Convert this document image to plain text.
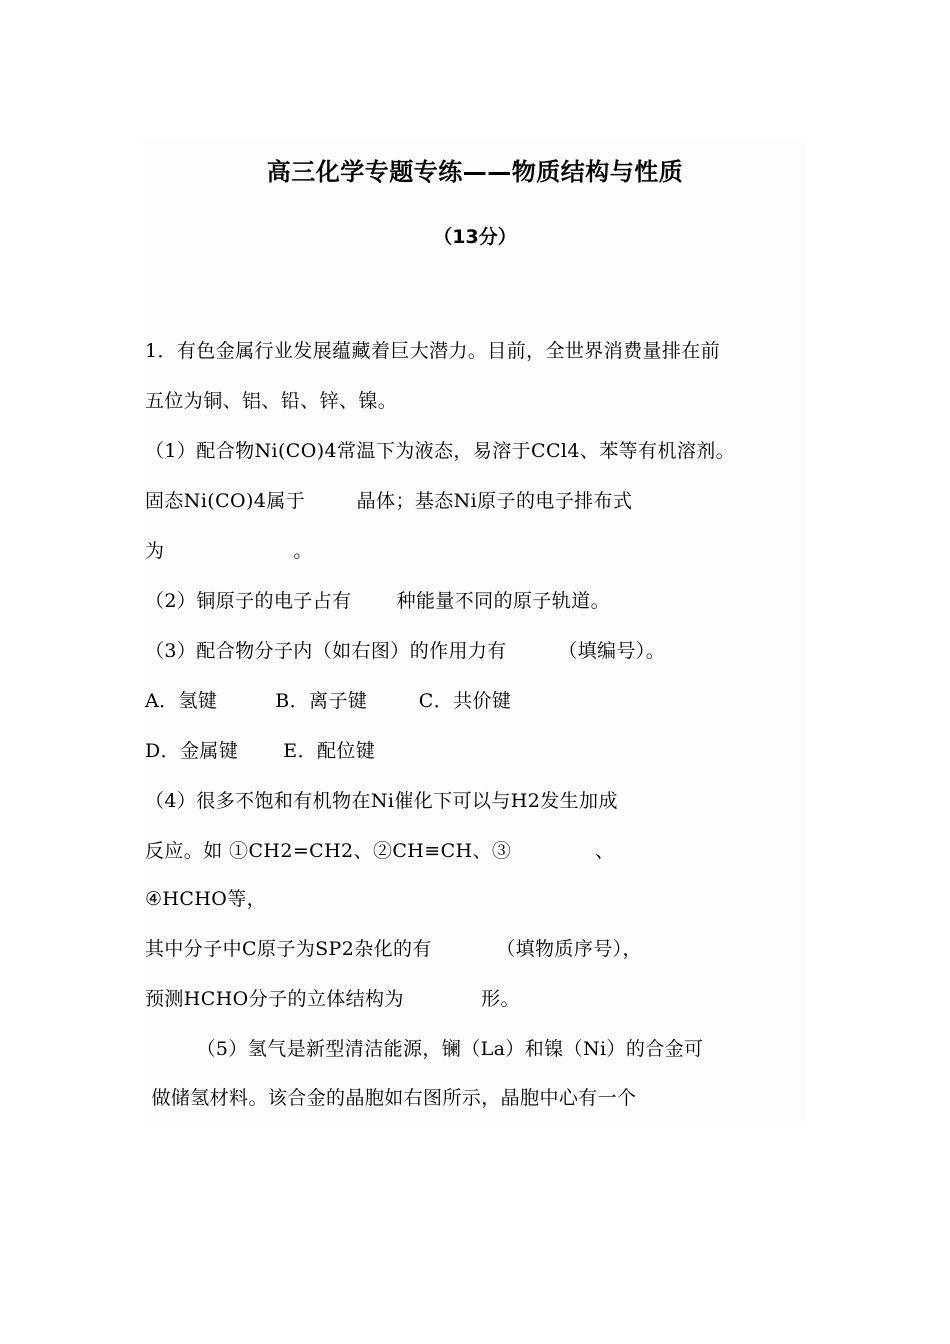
高三化学专题专练——物质结构与性质
（13分）
1．有色金属行业发展蕴藏着巨大潜力。目前，全世界消费量排在前
五位为铜、铝、铅、锌、镍。
（1）配合物Ni(CO)4常温下为液态，易溶于CCl4、苯等有机溶剂。
固态Ni(CO)4属于        晶体；基态Ni原子的电子排布式
为                    。
（2）铜原子的电子占有       种能量不同的原子轨道。
（3）配合物分子内（如右图）的作用力有        （填编号）。
A．氢键         B．离子键        C．共价键
D．金属键       E．配位键
（4）很多不饱和有机物在Ni催化下可以与H2发生加成
反应。如 ①CH2=CH2、②CH≡CH、③             、
④HCHO等，
其中分子中C原子为SP2杂化的有          （填物质序号），
预测HCHO分子的立体结构为            形。
（5）氢气是新型清洁能源，镧（La）和镍（Ni）的合金可
做储氢材料。该合金的晶胞如右图所示，晶胞中心有一个
